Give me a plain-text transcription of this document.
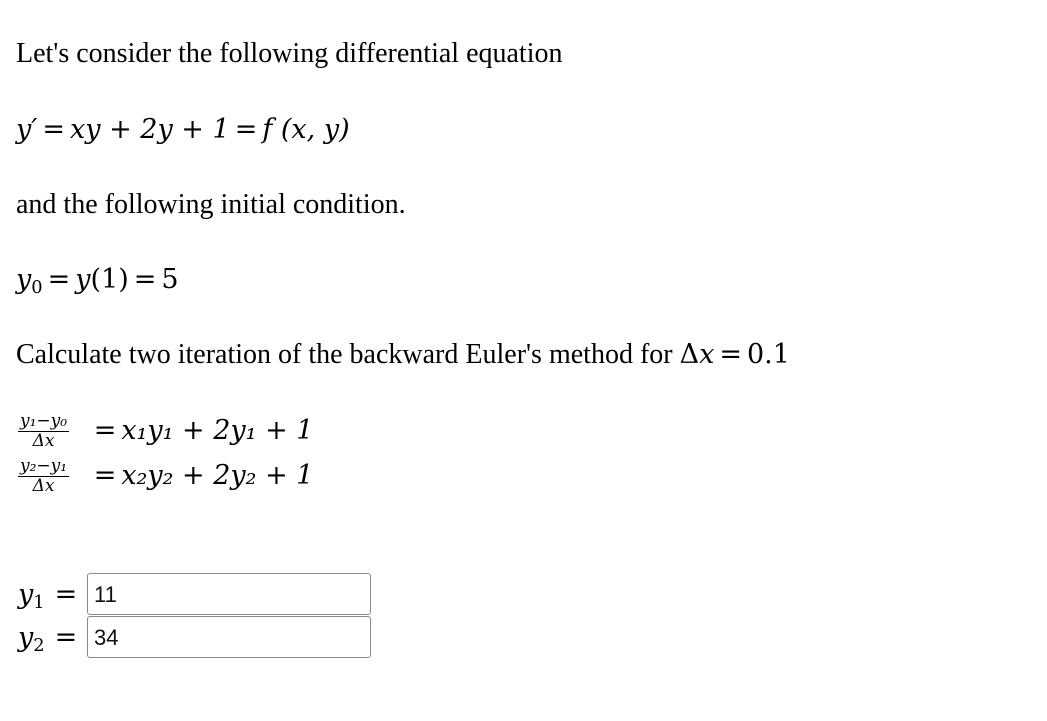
Let's consider the following differential equation
y′ = xy + 2y + 1 = f (x, y)
and the following initial condition.
$y_0 = y(1) = 5$
Calculate two iteration of the backward Euler's method for Δx = 0.1
$\frac{\text{y₁−y₀}}{\Delta x} = x_1y_1 + 2y_1 + 1$
$\frac{\text{y₂−y₁}}{\Delta x} = x_2y_2 + 2y_2 + 1$
$y_1$ =
11
$y_2$ =
34
